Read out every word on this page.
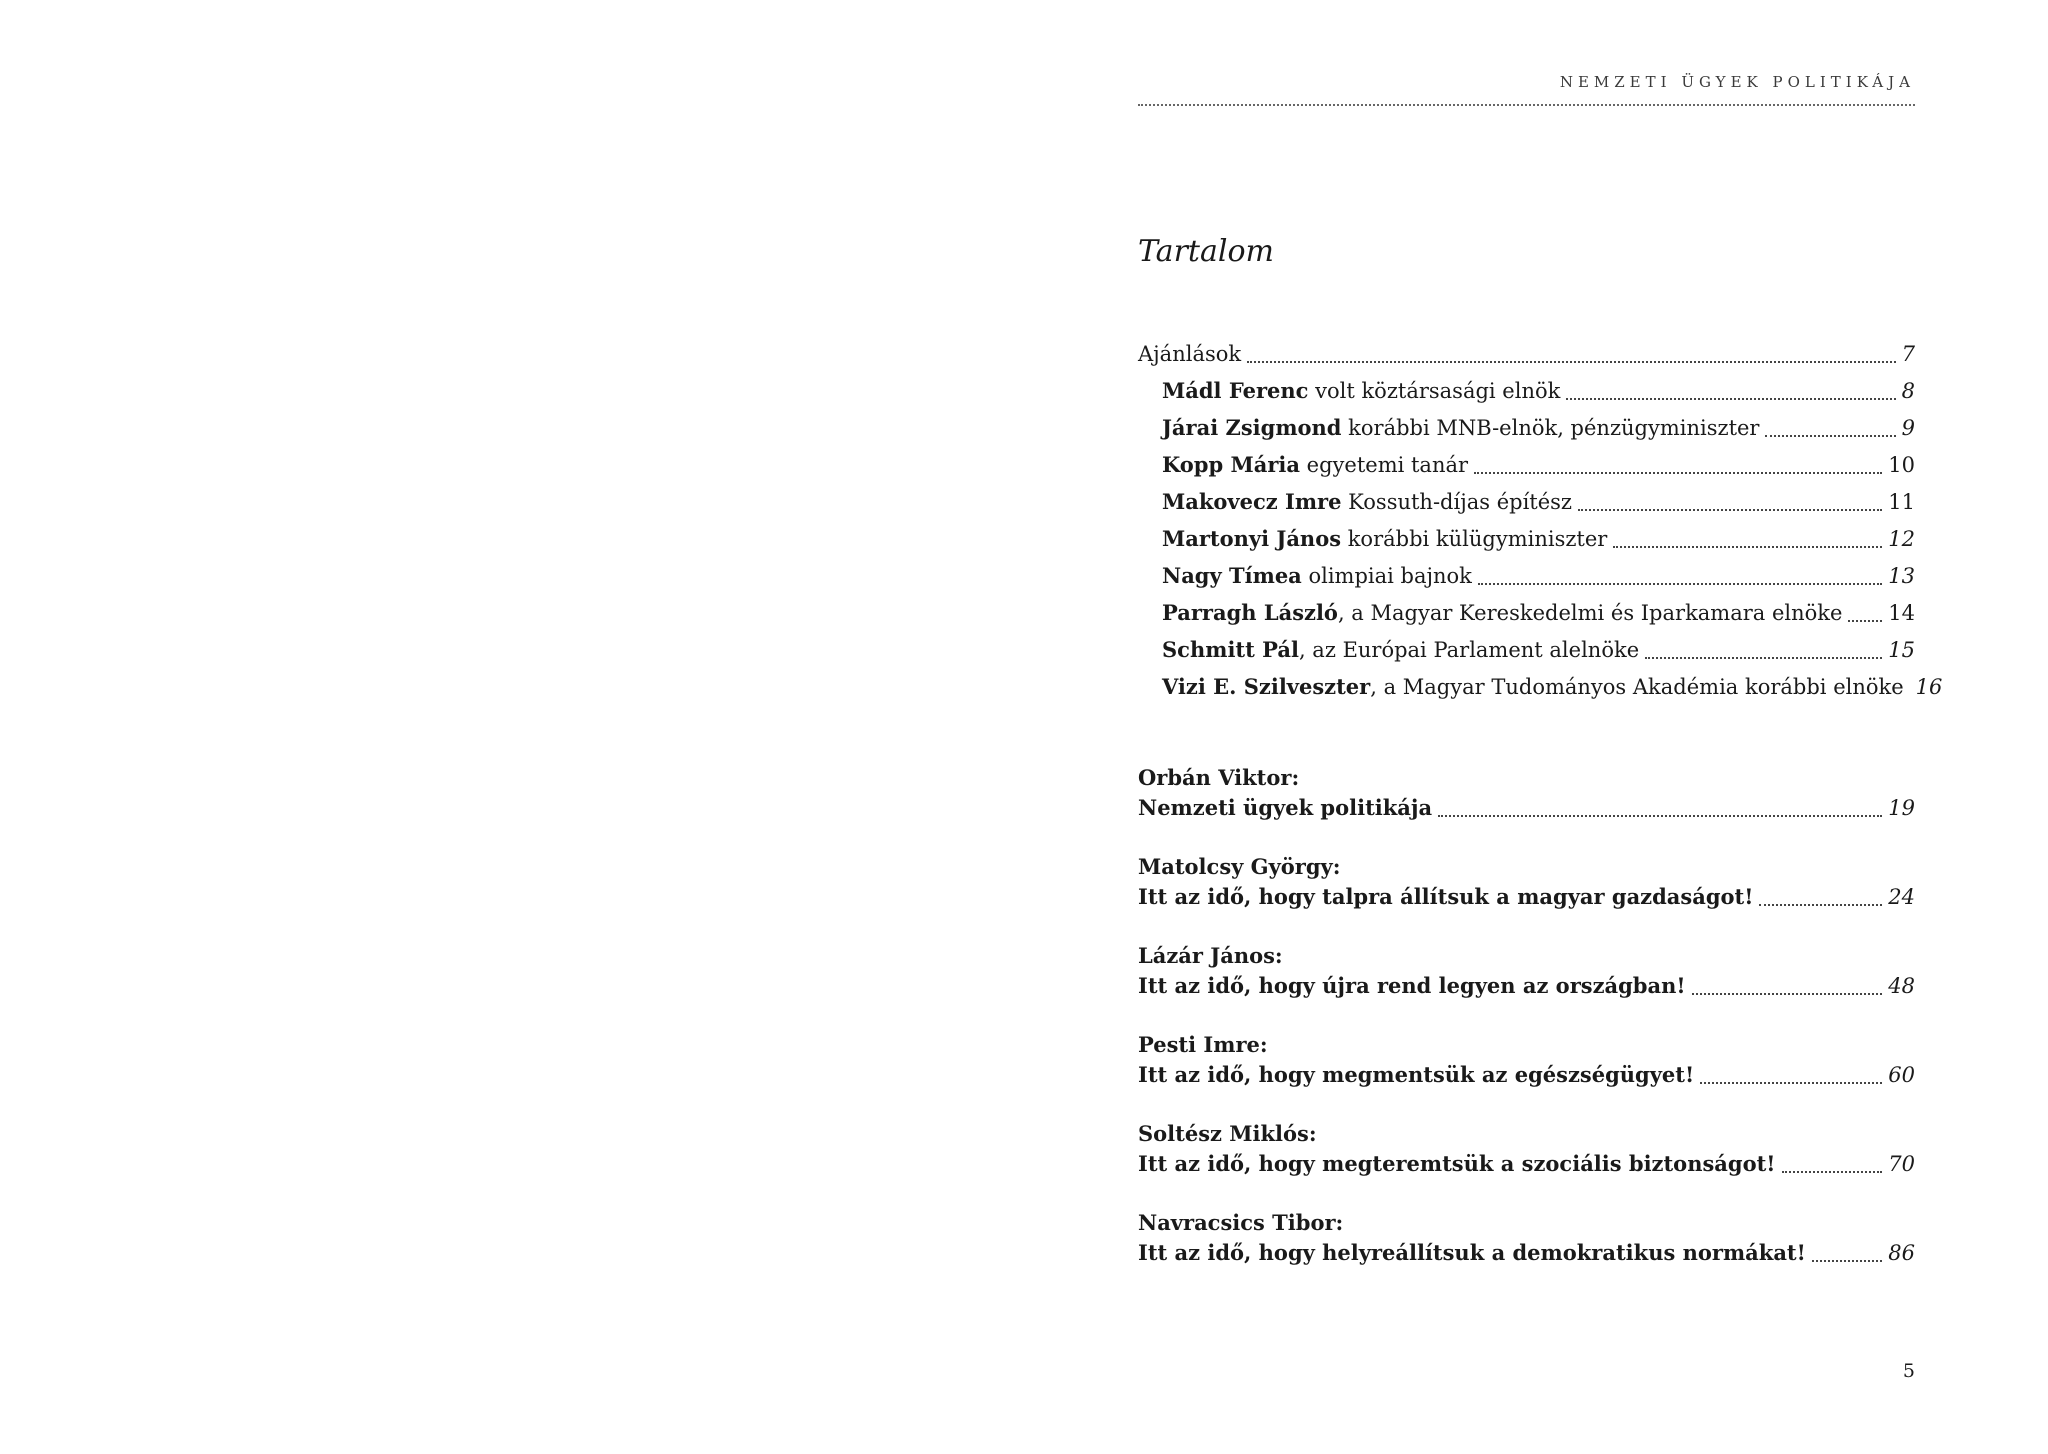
NEMZETI ÜGYEK POLITIKÁJA
Tartalom
Ajánlások	7
Mádl Ferenc volt köztársasági elnök	8
Járai Zsigmond korábbi MNB-elnök, pénzügyminiszter	9
Kopp Mária egyetemi tanár	10
Makovecz Imre Kossuth-díjas építész	11
Martonyi János korábbi külügyminiszter	12
Nagy Tímea olimpiai bajnok	13
Parragh László, a Magyar Kereskedelmi és Iparkamara elnöke 14
Schmitt Pál, az Európai Parlament alelnöke	15
Vizi E. Szilveszter, a Magyar Tudományos Akadémia korábbi elnöke 16
Orbán Viktor:
Nemzeti ügyek politikája	19
Matolcsy György:
Itt az idő, hogy talpra állítsuk a magyar gazdaságot!	24
Lázár János:
Itt az idő, hogy újra rend legyen az országban!	48
Pesti Imre:
Itt az idő, hogy megmentsük az egészségügyet!	60
Soltész Miklós:
Itt az idő, hogy megteremtsük a szociális biztonságot!	70
Navracsics Tibor:
Itt az idő, hogy helyreállítsuk a demokratikus normákat!	86
5
